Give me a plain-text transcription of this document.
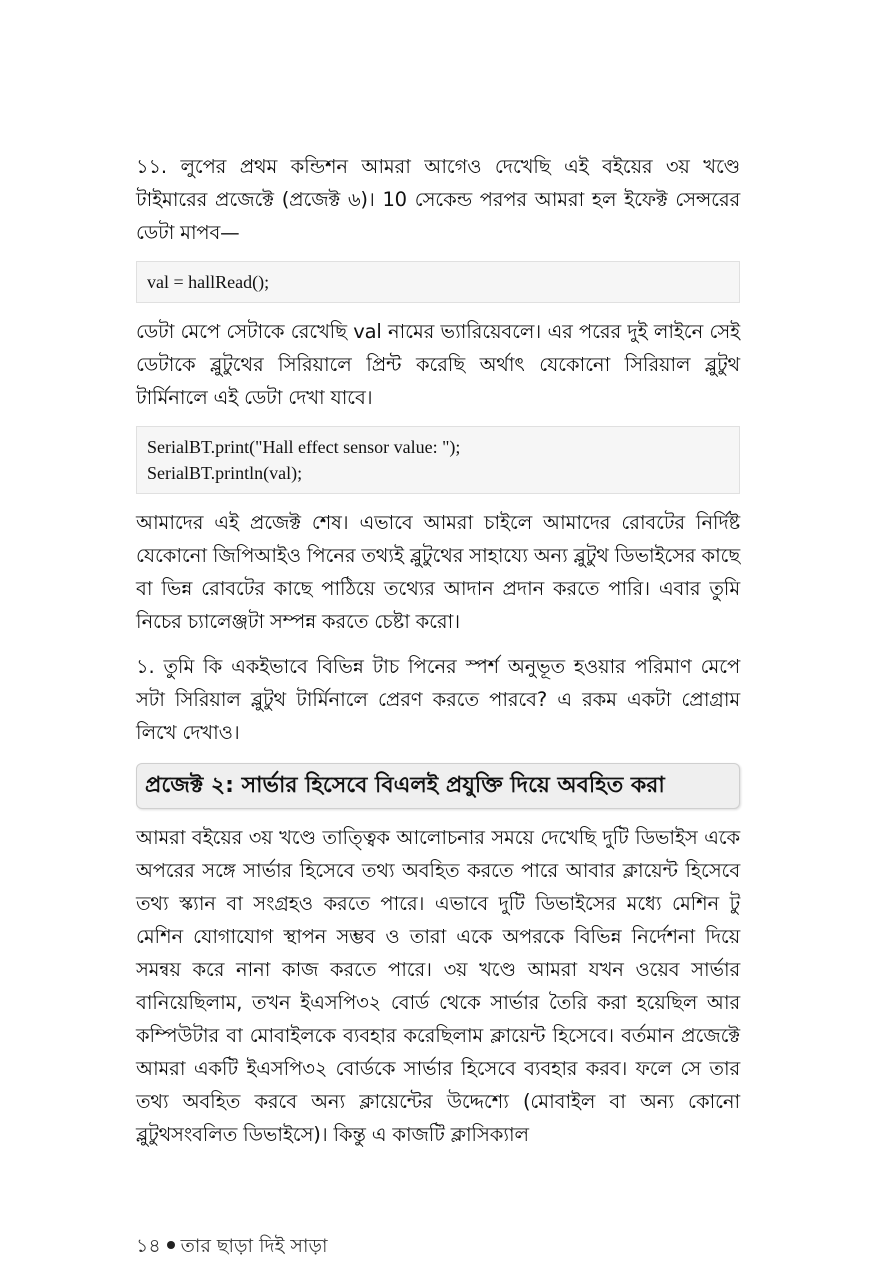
১১. লুপের প্রথম কন্ডিশন আমরা আগেও দেখেছি এই বইয়ের ৩য় খণ্ডে টাইমারের প্রজেক্টে (প্রজেক্ট ৬)। 10 সেকেন্ড পরপর আমরা হল ইফেক্ট সেন্সরের ডেটা মাপব—

val = hallRead();

ডেটা মেপে সেটাকে রেখেছি val নামের ভ্যারিয়েবলে। এর পরের দুই লাইনে সেই ডেটাকে ব্লুটুথের সিরিয়ালে প্রিন্ট করেছি অর্থাৎ যেকোনো সিরিয়াল ব্লুটুথ টার্মিনালে এই ডেটা দেখা যাবে।

SerialBT.print("Hall effect sensor value: ");
SerialBT.println(val);

আমাদের এই প্রজেক্ট শেষ। এভাবে আমরা চাইলে আমাদের রোবটের নির্দিষ্ট যেকোনো জিপিআইও পিনের তথ্যই ব্লুটুথের সাহায্যে অন্য ব্লুটুথ ডিভাইসের কাছে বা ভিন্ন রোবটের কাছে পাঠিয়ে তথ্যের আদান প্রদান করতে পারি। এবার তুমি নিচের চ্যালেঞ্জটা সম্পন্ন করতে চেষ্টা করো।

১. তুমি কি একইভাবে বিভিন্ন টাচ পিনের স্পর্শ অনুভূত হওয়ার পরিমাণ মেপে সটা সিরিয়াল ব্লুটুথ টার্মিনালে প্রেরণ করতে পারবে? এ রকম একটা প্রোগ্রাম লিখে দেখাও।

প্রজেক্ট ২: সার্ভার হিসেবে বিএলই প্রযুক্তি দিয়ে অবহিত করা

আমরা বইয়ের ৩য় খণ্ডে তাত্ত্বিক আলোচনার সময়ে দেখেছি দুটি ডিভাইস একে অপরের সঙ্গে সার্ভার হিসেবে তথ্য অবহিত করতে পারে আবার ক্লায়েন্ট হিসেবে তথ্য স্ক্যান বা সংগ্রহও করতে পারে। এভাবে দুটি ডিভাইসের মধ্যে মেশিন টু মেশিন যোগাযোগ স্থাপন সম্ভব ও তারা একে অপরকে বিভিন্ন নির্দেশনা দিয়ে সমন্বয় করে নানা কাজ করতে পারে। ৩য় খণ্ডে আমরা যখন ওয়েব সার্ভার বানিয়েছিলাম, তখন ইএসপি৩২ বোর্ড থেকে সার্ভার তৈরি করা হয়েছিল আর কম্পিউটার বা মোবাইলকে ব্যবহার করেছিলাম ক্লায়েন্ট হিসেবে। বর্তমান প্রজেক্টে আমরা একটি ইএসপি৩২ বোর্ডকে সার্ভার হিসেবে ব্যবহার করব। ফলে সে তার তথ্য অবহিত করবে অন্য ক্লায়েন্টের উদ্দেশ্যে (মোবাইল বা অন্য কোনো ব্লুটুথসংবলিত ডিভাইসে)। কিন্তু এ কাজটি ক্লাসিক্যাল

১৪ তার ছাড়া দিই সাড়া
